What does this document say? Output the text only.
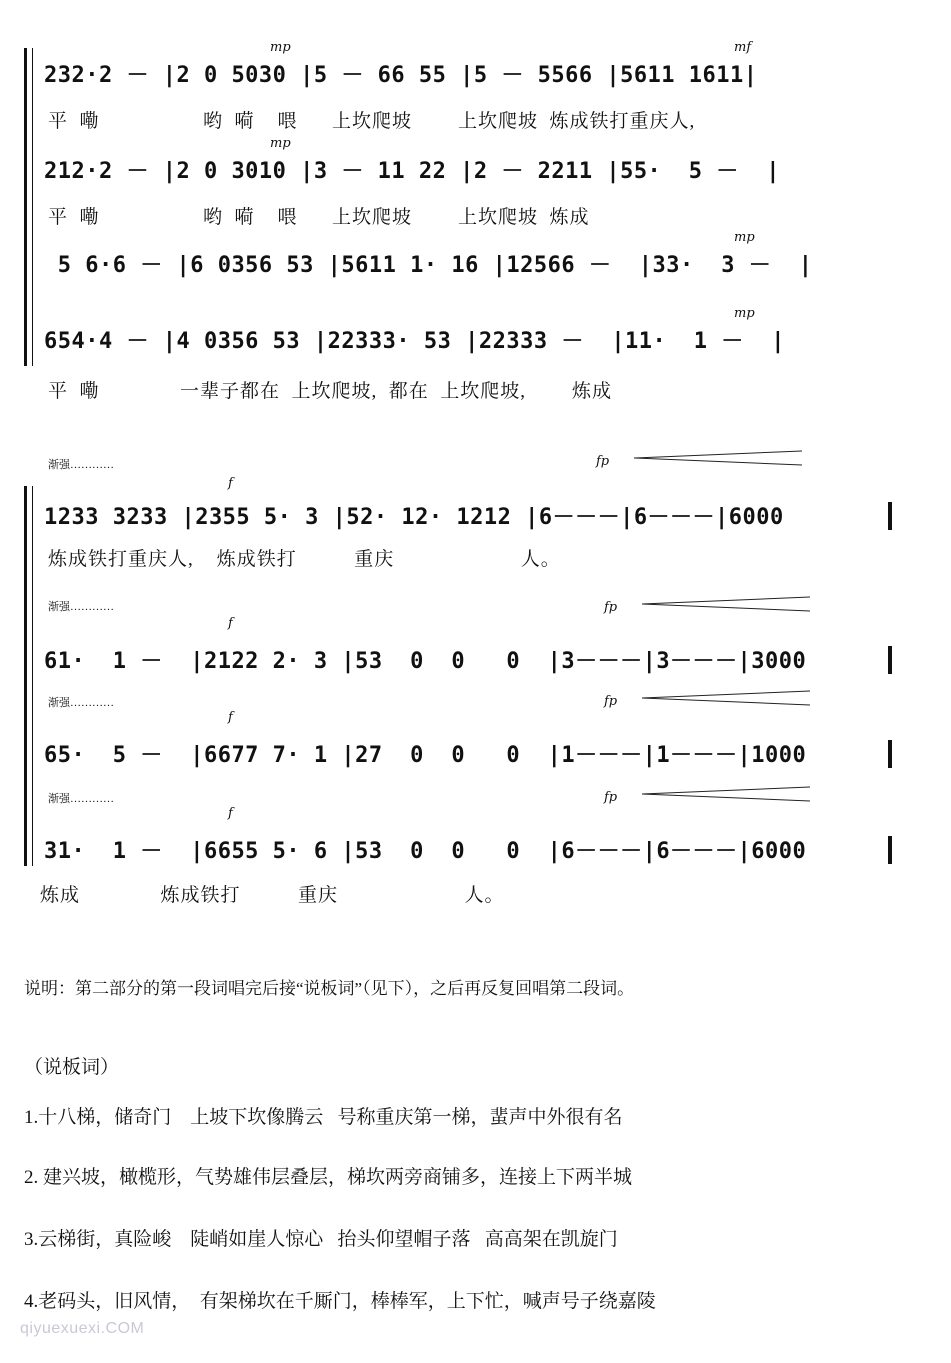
mp	mf
232·2 － |2 0 5030 |5 － 66 55 |5 － 5566 |5611 1611|
平  嘞                  哟  嗬    喂      上坎爬坡        上坎爬坡  炼成铁打重庆人,
mp
212·2 － |2 0 3010 |3 － 11 22 |2 － 2211 |55·  5 －  |
平  嘞                  哟  嗬    喂      上坎爬坡        上坎爬坡  炼成
mp
5 6·6 － |6 0356 53 |5611 1· 16 |12566 －  |33·  3 －  |
mp
654·4 － |4 0356 53 |22333· 53 |22333 －  |11·  1 －  |
平  嘞              一辈子都在  上坎爬坡,  都在  上坎爬坡,        炼成
渐强…………
f
fp
1233 3233 |2355 5· 3 |52· 12· 1212 |6－－－|6－－－|6000
炼成铁打重庆人,    炼成铁打          重庆                      人。
渐强…………
f
fp
61·  1 －  |2122 2· 3 |53  0  0   0  |3－－－|3－－－|3000
渐强…………
f
fp
65·  5 －  |6677 7· 1 |27  0  0   0  |1－－－|1－－－|1000
渐强…………
f
fp
31·  1 －  |6655 5· 6 |53  0  0   0  |6－－－|6－－－|6000
炼成              炼成铁打          重庆                      人。
说明：第二部分的第一段词唱完后接“说板词”（见下），之后再反复回唱第二段词。
（说板词）
1.十八梯，储奇门    上坡下坎像腾云   号称重庆第一梯，蜚声中外很有名
2. 建兴坡，橄榄形，气势雄伟层叠层，梯坎两旁商铺多，连接上下两半城
3.云梯街，真险峻    陡峭如崖人惊心   抬头仰望帽子落   高高架在凯旋门
4.老码头，旧风情，  有架梯坎在千厮门，棒棒军，上下忙，喊声号子绕嘉陵
qiyuexuexi.COM
